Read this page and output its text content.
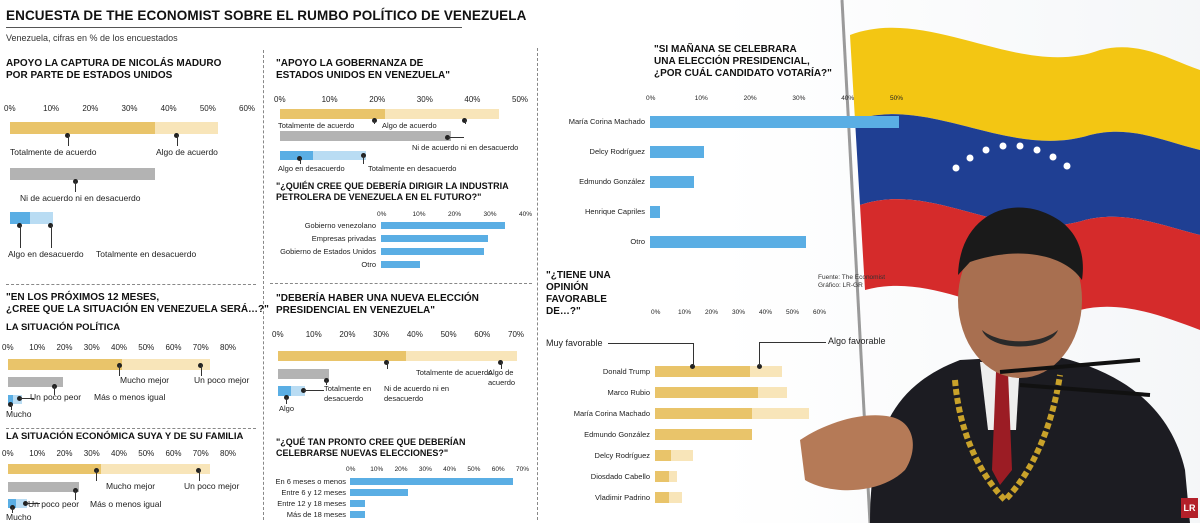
ENCUESTA DE THE ECONOMIST SOBRE EL RUMBO POLÍTICO DE VENEZUELA
Venezuela, cifras en % de los encuestados
APOYO LA CAPTURA DE NICOLÁS MADURO
POR PARTE DE ESTADOS UNIDOS
0%	10%	20%	30%	40%	50%	60%
Totalmente de acuerdo	Algo de acuerdo
Ni de acuerdo ni en desacuerdo
Algo en desacuerdo Totalmente en desacuerdo
"APOYO LA GOBERNANZA DE
ESTADOS UNIDOS EN VENEZUELA"
0%	10%	20%	30%	40%	50%
Totalmente de acuerdo	Algo de acuerdo
Ni de acuerdo ni en desacuerdo
Algo en desacuerdo	Totalmente en desacuerdo
"¿QUIÉN CREE QUE DEBERÍA DIRIGIR LA INDUSTRIA
PETROLERA DE VENEZUELA EN EL FUTURO?"
0%	10%	20%	30%	40%
Gobierno venezolano
Empresas privadas
Gobierno de Estados Unidos
Otro
"SI MAÑANA SE CELEBRARA
UNA ELECCIÓN PRESIDENCIAL,
¿POR CUÁL CANDIDATO VOTARÍA?"
0%	10%	20%	30%	40%	50%
María Corina Machado
Delcy Rodríguez
Edmundo González
Henrique Capriles
Otro
Fuente: The Economist
Gráfico: LR-GR
"EN LOS PRÓXIMOS 12 MESES,
¿CREE QUE LA SITUACIÓN EN VENEZUELA SERÁ…?"
LA SITUACIÓN POLÍTICA
0% 10% 20% 30% 40% 50% 60% 70% 80%
Mucho mejor	Un poco mejor
Más o menos igual
Un poco peor
Mucho
LA SITUACIÓN ECONÓMICA SUYA Y DE SU FAMILIA
0% 10% 20% 30% 40% 50% 60% 70% 80%
Mucho mejor	Un poco mejor
Más o menos igual
Un poco peor
Mucho
"DEBERÍA HABER UNA NUEVA ELECCIÓN
PRESIDENCIAL EN VENEZUELA"
0%	10% 20% 30% 40% 50% 60% 70%
Totalmente de acuerdo
Algo de acuerdo
Ni de acuerdo ni en desacuerdo
Algo
Totalmente en desacuerdo
"¿QUÉ TAN PRONTO CREE QUE DEBERÍAN
CELEBRARSE NUEVAS ELECCIONES?"
0% 10% 20% 30% 40% 50% 60% 70%
En 6 meses o menos
Entre 6 y 12 meses
Entre 12 y 18 meses
Más de 18 meses
"¿TIENE UNA
OPINIÓN
FAVORABLE
DE…?"	0%	10% 20% 30% 40% 50% 60%
Muy favorable	Algo favorable
Donald Trump
Marco Rubio
María Corina Machado
Edmundo González
Delcy Rodríguez
Diosdado Cabello
Vladimir Padrino
LR
